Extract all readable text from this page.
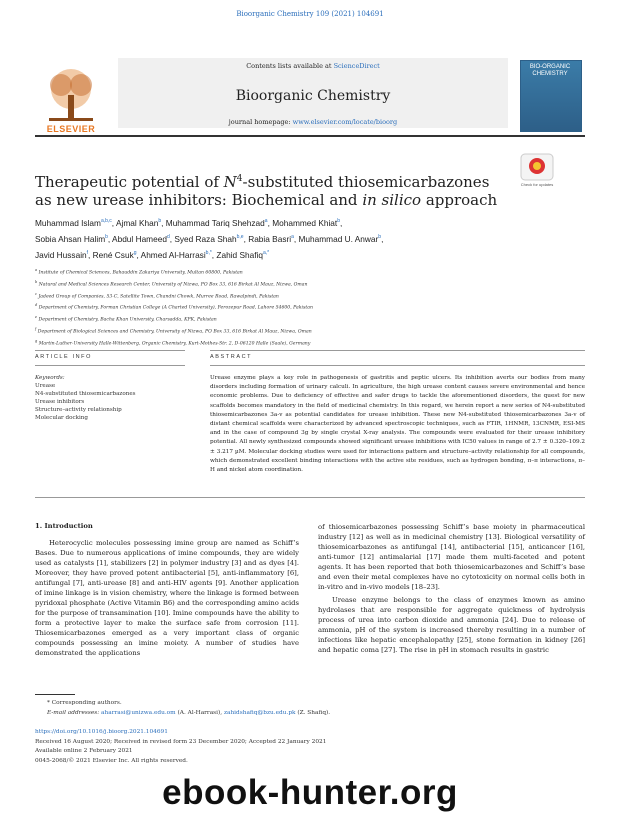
Bioorganic Chemistry 109 (2021) 104691
ELSEVIER
Contents lists available at ScienceDirect
Bioorganic Chemistry
journal homepage: www.elsevier.com/locate/bioorg
BIO-ORGANIC CHEMISTRY
Therapeutic potential of $N^4$-substituted thiosemicarbazones as new urease inhibitors: Biochemical and in silico approach
Check for updates
Muhammad Islam$^{a,b,c}$, Ajmal Khan$^b$, Muhammad Tariq Shehzad$^a$, Mohammed Khiat$^b$,
Sobia Ahsan Halim$^b$, Abdul Hameed$^d$, Syed Raza Shah$^{b,e}$, Rabia Basri$^a$, Muhammad U. Anwar$^b$,
Javid Hussain$^f$, René Csuk$^g$, Ahmed Al-Harrasi$^{b,*}$, Zahid Shafiq$^{a,*}$
$^a$ Institute of Chemical Sciences, Bahauddin Zakariya University, Multan 60800, Pakistan
$^b$ Natural and Medical Sciences Research Center, University of Nizwa, PO Box 33, 616 Birkat Al Mauz, Nizwa, Oman
$^c$ Jadeed Group of Companies, 53-C, Satellite Town, Chandni Chowk, Murree Road, Rawalpindi, Pakistan
$^d$ Department of Chemistry, Forman Christian College (A Charted University), Ferozepur Road, Lahore 54600, Pakistan
$^e$ Department of Chemistry, Bacha Khan University, Charsadda, KPK, Pakistan
$^f$ Department of Biological Sciences and Chemistry, University of Nizwa, PO Box 33, 616 Birkat Al Mauz, Nizwa, Oman
$^g$ Martin-Luther-University Halle-Wittenberg, Organic Chemistry, Kurt-Mothes-Str. 2, D-06120 Halle (Saale), Germany
ARTICLE INFO	ABSTRACT
Keywords:
Urease
N4-substituted thiosemicarbazones
Urease inhibitors
Structure–activity relationship
Molecular docking
Urease enzyme plays a key role in pathogenesis of gastritis and peptic ulcers. Its inhibition averts our bodies from many disorders including formation of urinary calculi. In agriculture, the high urease content causes severe environmental and hence economic problems. Due to deficiency of effective and safer drugs to tackle the aforementioned disorders, the quest for new scaffolds becomes mandatory in the field of medicinal chemistry. In this regard, we herein report a new series of N4-substituted thiosemicarbazones 3a-v as potential candidates for urease inhibition. These new N4-substituted thiosemicarbazones 3a-v of distant chemical scaffolds were characterized by advanced spectroscopic techniques, such as FTIR, 1HNMR, 13CNMR, ESI-MS and in the case of compound 3g by single crystal X-ray analysis. The compounds were evaluated for their urease inhibitory potential. All newly synthesized compounds showed significant urease inhibitions with IC50 values in range of 2.7 ± 0.320–109.2 ± 3.217 µM. Molecular docking studies were used for interactions pattern and structure–activity relationship for all compounds, which demonstrated excellent binding interactions with the active site residues, such as hydrogen bonding, π–π interactions, π–H and nickel atom coordination.
1. Introduction

Heterocyclic molecules possessing imine group are named as Schiff’s Bases. Due to numerous applications of imine compounds, they are widely used as catalysts [1], stabilizers [2] in polymer industry [3] and as dyes [4]. Moreover, they have proved potent antibacterial [5], anti-inflammatory [6], antifungal [7], anti-urease [8] and anti-HIV agents [9]. Another application of imine linkage is in vision chemistry, where the linkage is formed between pyridoxal phosphate (Active Vitamin B6) and the corresponding amino acids for the purpose of transamination [10]. Imine compounds have the ability to form a protective layer to make the surface safe from corrosion [11]. Thiosemicarbazones emerged as a very important class of organic compounds possessing an imine moiety. A number of studies have demonstrated the applications

of thiosemicarbazones possessing Schiff’s base moiety in pharmaceutical industry [12] as well as in medicinal chemistry [13]. Biological versatility of thiosemicarbazones as antifungal [14], antibacterial [15], anticancer [16], anti-tumor [12] antimalarial [17] made them multi-faceted and potent agents. It has been reported that both thiosemicarbazones and Schiff’s base and even their metal complexes have no cytotoxicity on normal cells both in in-vitro and in-vivo models [18–23].

Urease enzyme belongs to the class of enzymes known as amino hydrolases that are responsible for aggregate quickness of hydrolysis process of urea into carbon dioxide and ammonia [24]. Due to release of ammonia, pH of the system is increased thereby resulting in a number of infections like hepatic encephalopathy [25], stone formation in kidney [26] and hepatic coma [27]. The rise in pH in stomach results in gastric

* Corresponding authors.
E-mail addresses: aharrasi@unizwa.edu.om (A. Al-Harrasi), zahidshafiq@bzu.edu.pk (Z. Shafiq).
https://doi.org/10.1016/j.bioorg.2021.104691
Received 16 August 2020; Received in revised form 23 December 2020; Accepted 22 January 2021
Available online 2 February 2021
0045-2068/© 2021 Elsevier Inc. All rights reserved.
ebook-hunter.org
